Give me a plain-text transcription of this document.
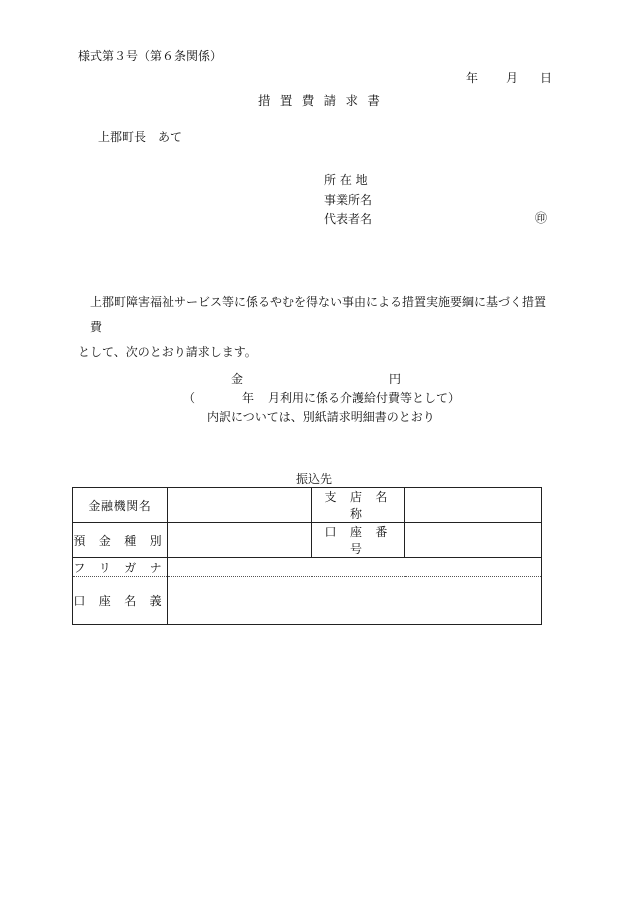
様式第３号（第６条関係）
年 月 日
措置費請求書
上郡町長　あて
所 在 地
事業所名
代表者名	㊞

上郡町障害福祉サービス等に係るやむを得ない事由による措置実施要綱に基づく措置費

として、次のとおり請求します。

金	円
（	年 月利用に係る介護給付費等として）
内訳については、別紙請求明細書のとおり
振込先
金融機関名		支 店 名 称	
預 金 種 別		口 座 番 号	
フ リ ガ ナ			
口 座 名 義			
